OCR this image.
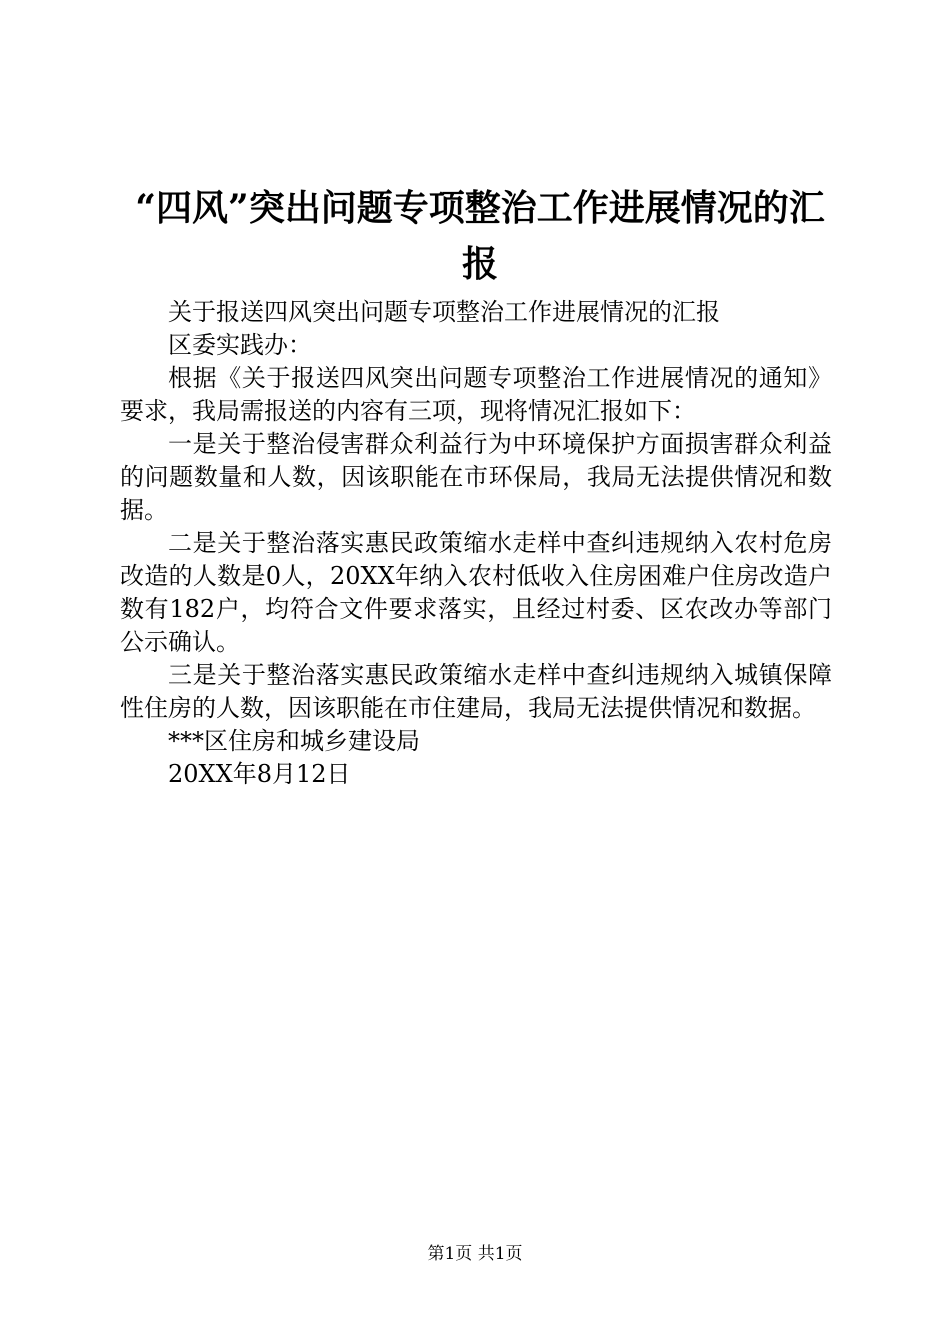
“四风”突出问题专项整治工作进展情况的汇报

关于报送四风突出问题专项整治工作进展情况的汇报

区委实践办：

根据《关于报送四风突出问题专项整治工作进展情况的通知》要求，我局需报送的内容有三项，现将情况汇报如下：

一是关于整治侵害群众利益行为中环境保护方面损害群众利益的问题数量和人数，因该职能在市环保局，我局无法提供情况和数据。

二是关于整治落实惠民政策缩水走样中查纠违规纳入农村危房改造的人数是0人，20XX年纳入农村低收入住房困难户住房改造户数有182户，均符合文件要求落实，且经过村委、区农改办等部门公示确认。

三是关于整治落实惠民政策缩水走样中查纠违规纳入城镇保障性住房的人数，因该职能在市住建局，我局无法提供情况和数据。

***区住房和城乡建设局

20XX年8月12日

第1页 共1页
